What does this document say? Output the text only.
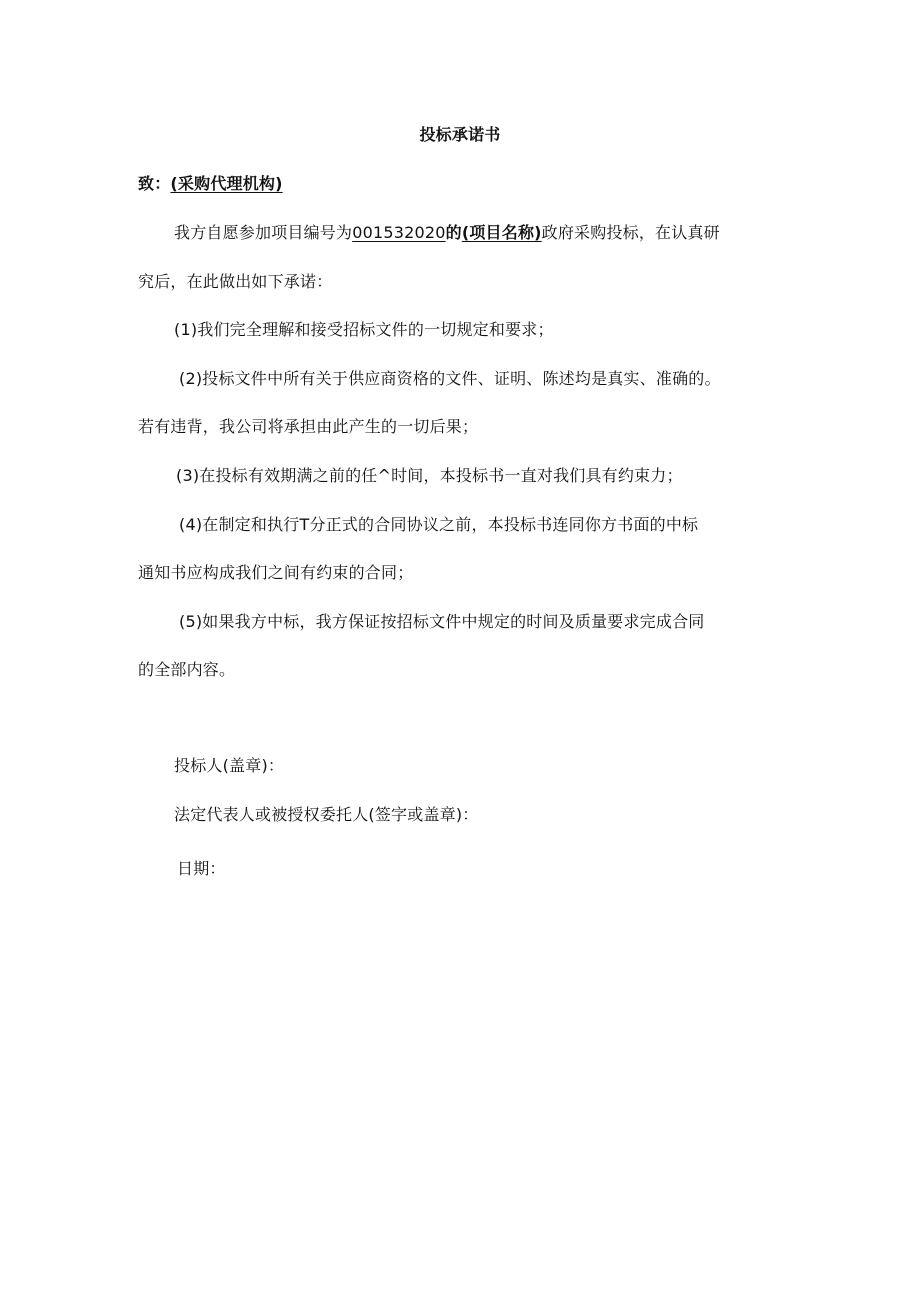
投标承诺书
致：(采购代理机构)
我方自愿参加项目编号为001532020的(项目名称)政府采购投标，在认真研
究后，在此做出如下承诺：
(1)我们完全理解和接受招标文件的一切规定和要求；
(2)投标文件中所有关于供应商资格的文件、证明、陈述均是真实、准确的。
若有违背，我公司将承担由此产生的一切后果；
(3)在投标有效期满之前的任^时间，本投标书一直对我们具有约束力；
(4)在制定和执行T分正式的合同协议之前，本投标书连同你方书面的中标
通知书应构成我们之间有约束的合同；
(5)如果我方中标，我方保证按招标文件中规定的时间及质量要求完成合同
的全部内容。
投标人(盖章)：
法定代表人或被授权委托人(签字或盖章)：
日期：
